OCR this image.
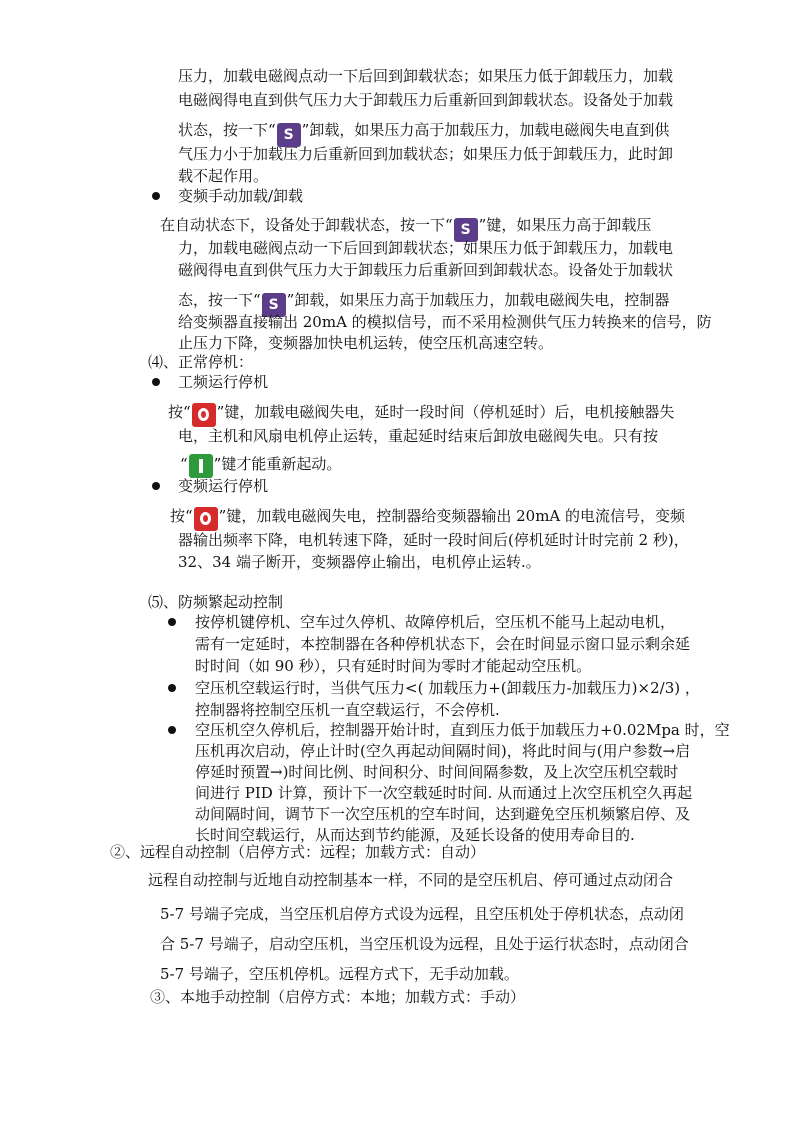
压力，加载电磁阀点动一下后回到卸载状态；如果压力低于卸载压力，加载
电磁阀得电直到供气压力大于卸载压力后重新回到卸载状态。设备处于加载
状态，按一下“ S ”卸载，如果压力高于加载压力，加载电磁阀失电直到供
气压力小于加载压力后重新回到加载状态；如果压力低于卸载压力，此时卸
载不起作用。
变频手动加载/卸载
在自动状态下，设备处于卸载状态，按一下“ S ”键，如果压力高于卸载压
力，加载电磁阀点动一下后回到卸载状态；如果压力低于卸载压力，加载电
磁阀得电直到供气压力大于卸载压力后重新回到卸载状态。设备处于加载状
态，按一下“ S ”卸载，如果压力高于加载压力，加载电磁阀失电，控制器
给变频器直接输出 20mA 的模拟信号，而不采用检测供气压力转换来的信号，防
止压力下降，变频器加快电机运转，使空压机高速空转。
⑷、正常停机：
工频运行停机
按“ ”键，加载电磁阀失电，延时一段时间（停机延时）后，电机接触器失
电，主机和风扇电机停止运转，重起延时结束后卸放电磁阀失电。只有按
“ ”键才能重新起动。
变频运行停机
按“ ”键，加载电磁阀失电，控制器给变频器输出 20mA 的电流信号，变频
器输出频率下降，电机转速下降，延时一段时间后(停机延时计时完前 2 秒)，
32、34 端子断开，变频器停止输出，电机停止运转.。
⑸、防频繁起动控制
按停机键停机、空车过久停机、故障停机后，空压机不能马上起动电机，
需有一定延时，本控制器在各种停机状态下，会在时间显示窗口显示剩余延
时时间（如 90 秒），只有延时时间为零时才能起动空压机。
空压机空载运行时，当供气压力<( 加载压力+(卸载压力-加载压力)×2/3) ，
控制器将控制空压机一直空载运行，不会停机.
空压机空久停机后，控制器开始计时，直到压力低于加载压力+0.02Mpa 时，空
压机再次启动，停止计时(空久再起动间隔时间)，将此时间与(用户参数→启
停延时预置→)时间比例、时间积分、时间间隔参数，及上次空压机空载时
间进行 PID 计算，预计下一次空载延时时间. 从而通过上次空压机空久再起
动间隔时间，调节下一次空压机的空车时间，达到避免空压机频繁启停、及
长时间空载运行，从而达到节约能源，及延长设备的使用寿命目的.
②、远程自动控制（启停方式：远程；加载方式：自动）
远程自动控制与近地自动控制基本一样，不同的是空压机启、停可通过点动闭合
5-7 号端子完成，当空压机启停方式设为远程，且空压机处于停机状态，点动闭
合 5-7 号端子，启动空压机，当空压机设为远程，且处于运行状态时，点动闭合
5-7 号端子，空压机停机。远程方式下，无手动加载。
③、本地手动控制（启停方式：本地；加载方式：手动）
